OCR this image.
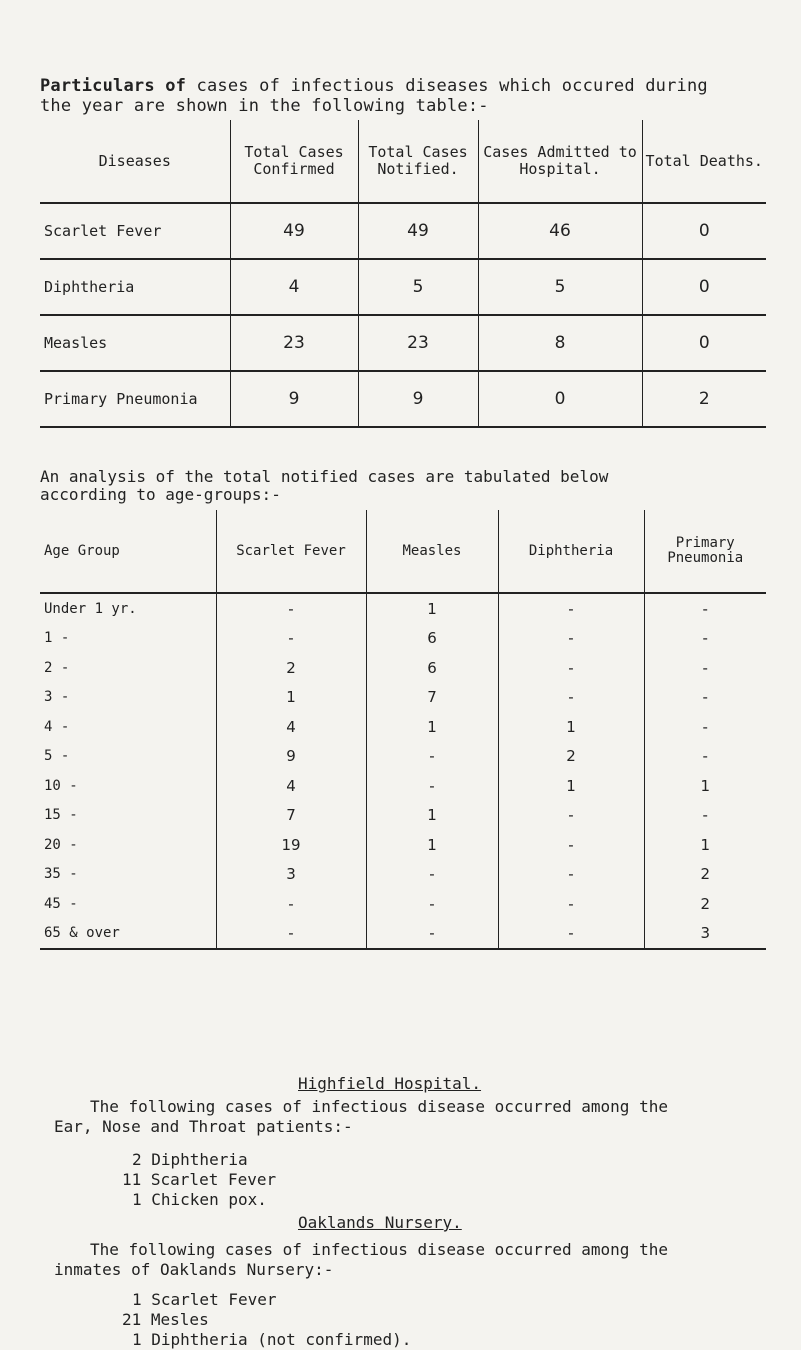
Particulars of cases of infectious diseases which occured during
the year are shown in the following table:-
Diseases	Total Cases Confirmed	Total Cases Notified.	Cases Admitted to Hospital.	Total Deaths.
Scarlet Fever	49	49	46	0
Diphtheria	4	5	5	0
Measles	23	23	8	0
Primary Pneumonia	9	9	0	2
An analysis of the total notified cases are tabulated below
according to age-groups:-
Age Group	Scarlet Fever	Measles	Diphtheria	Primary Pneumonia
Under 1 yr.	-	1	-	-
1 -	-	6	-	-
2 -	2	6	-	-
3 -	1	7	-	-
4 -	4	1	1	-
5 -	9	-	2	-
10 -	4	-	1	1
15 -	7	1	-	-
20 -	19	1	-	1
35 -	3	-	-	2
45 -	-	-	-	2
65 & over	-	-	-	3
Highfield Hospital.
The following cases of infectious disease occurred among the
Ear, Nose and Throat patients:-
2 Diphtheria
11 Scarlet Fever
1 Chicken pox.
Oaklands Nursery.
The following cases of infectious disease occurred among the
inmates of Oaklands Nursery:-
1 Scarlet Fever
21 Mesles
1 Diphtheria (not confirmed).
